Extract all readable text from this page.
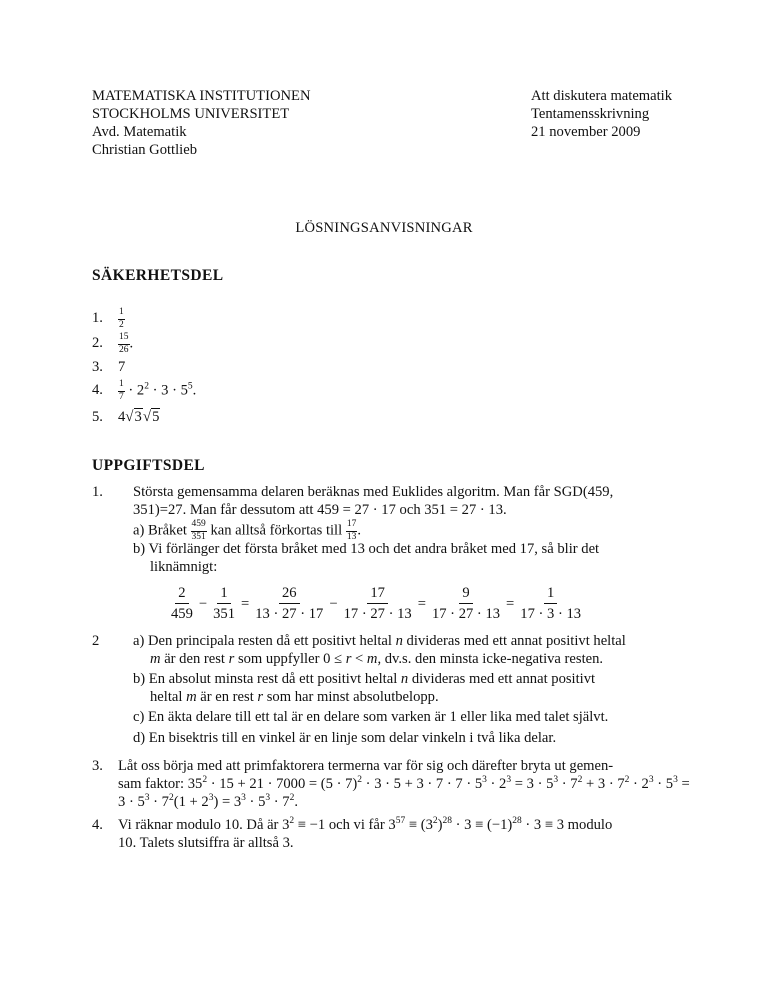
MATEMATISKA INSTITUTIONEN
STOCKHOLMS UNIVERSITET
Avd. Matematik
Christian Gottlieb
Att diskutera matematik
Tentamensskrivning
21 november 2009
LÖSNINGSANVISNINGAR
SÄKERHETSDEL
1. $\frac{1}{2}$
2. $\frac{15}{26}$ .
3. 7
4. $\frac{1}{7} \cdot 2^2 \cdot 3 \cdot 5^5$.
5. 4√3√5
UPPGIFTSDEL
1. Största gemensamma delaren beräknas med Euklides algoritm. Man får SGD(459,
351)=27. Man får dessutom att 459 = 27 · 17 och 351 = 27 · 13.
a) Bråket $\frac{459}{351}$ kan alltså förkortas till $\frac{17}{13}$ .
b) Vi förlänger det första bråket med 13 och det andra bråket med 17, så blir det
liknämnigt:
$\frac{2}{459} - \frac{1}{351} = \frac{26}{13 \cdot 27 \cdot 17} - \frac{17}{17 \cdot 27 \cdot 13} = \frac{9}{17 \cdot 27 \cdot 13} = \frac{1}{17 \cdot 3 \cdot 13}$
2 a) Den principala resten då ett positivt heltal n divideras med ett annat positivt heltal
m är den rest r som uppfyller 0 ≤ r < m, dv.s. den minsta icke-negativa resten.
b) En absolut minsta rest då ett positivt heltal n divideras med ett annat positivt
heltal m är en rest r som har minst absolutbelopp.
c) En äkta delare till ett tal är en delare som varken är 1 eller lika med talet självt.
d) En bisektris till en vinkel är en linje som delar vinkeln i två lika delar.
3. Låt oss börja med att primfaktorera termerna var för sig och därefter bryta ut gemen-
sam faktor: $35^2 \cdot 15 + 21 \cdot 7000 = (5 \cdot 7)^2 \cdot 3 \cdot 5 + 3 \cdot 7 \cdot 7 \cdot 5^3 \cdot 2^3 = 3 \cdot 5^3 \cdot 7^2 + 3 \cdot 7^2 \cdot 2^3 \cdot 5^3$ =
$3 \cdot 5^3 \cdot 7^2(1 + 2^3) = 3^3 \cdot 5^3 \cdot 7^2$.
4. Vi räknar modulo 10. Då är $3^2 \equiv -1$ och vi får $3^{57} \equiv (3^2)^{28} \cdot 3 \equiv (-1)^{28} \cdot 3 \equiv 3$ modulo
10. Talets slutsiffra är alltså 3.
